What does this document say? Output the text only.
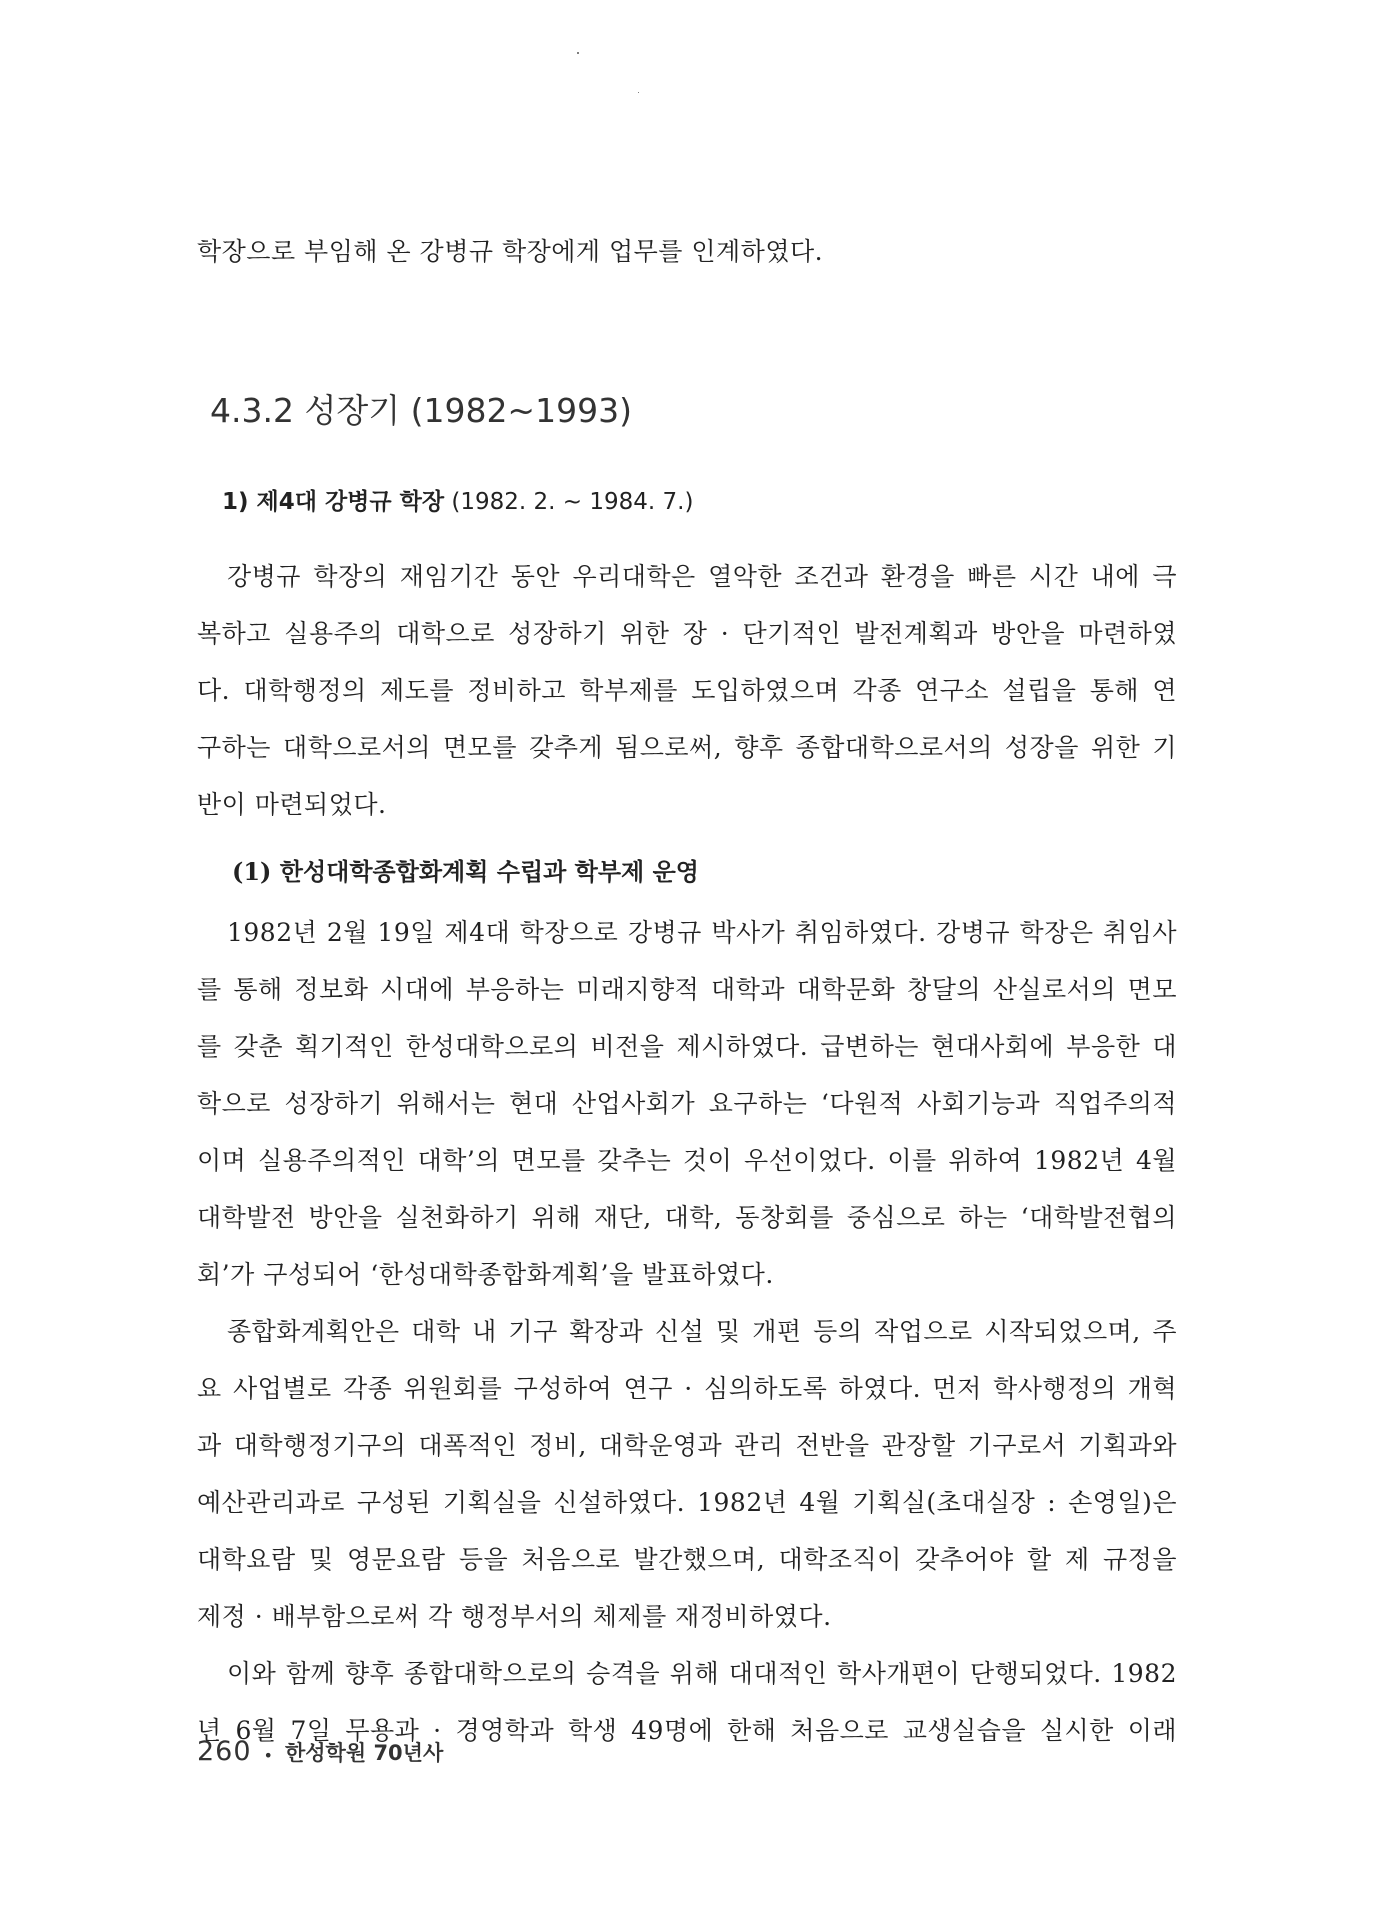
학장으로 부임해 온 강병규 학장에게 업무를 인계하였다.
4.3.2 성장기 (1982~1993)
1) 제4대 강병규 학장 (1982. 2. ~ 1984. 7.)
강병규 학장의 재임기간 동안 우리대학은 열악한 조건과 환경을 빠른 시간 내에 극
복하고 실용주의 대학으로 성장하기 위한 장 · 단기적인 발전계획과 방안을 마련하였
다. 대학행정의 제도를 정비하고 학부제를 도입하였으며 각종 연구소 설립을 통해 연
구하는 대학으로서의 면모를 갖추게 됨으로써, 향후 종합대학으로서의 성장을 위한 기
반이 마련되었다.
(1) 한성대학종합화계획 수립과 학부제 운영
1982년 2월 19일 제4대 학장으로 강병규 박사가 취임하였다. 강병규 학장은 취임사
를 통해 정보화 시대에 부응하는 미래지향적 대학과 대학문화 창달의 산실로서의 면모
를 갖춘 획기적인 한성대학으로의 비전을 제시하였다. 급변하는 현대사회에 부응한 대
학으로 성장하기 위해서는 현대 산업사회가 요구하는 ‘다원적 사회기능과 직업주의적
이며 실용주의적인 대학’의 면모를 갖추는 것이 우선이었다. 이를 위하여 1982년 4월
대학발전 방안을 실천화하기 위해 재단, 대학, 동창회를 중심으로 하는 ‘대학발전협의
회’가 구성되어 ‘한성대학종합화계획’을 발표하였다.
종합화계획안은 대학 내 기구 확장과 신설 및 개편 등의 작업으로 시작되었으며, 주
요 사업별로 각종 위원회를 구성하여 연구 · 심의하도록 하였다. 먼저 학사행정의 개혁
과 대학행정기구의 대폭적인 정비, 대학운영과 관리 전반을 관장할 기구로서 기획과와
예산관리과로 구성된 기획실을 신설하였다. 1982년 4월 기획실(초대실장 : 손영일)은
대학요람 및 영문요람 등을 처음으로 발간했으며, 대학조직이 갖추어야 할 제 규정을
제정 · 배부함으로써 각 행정부서의 체제를 재정비하였다.
이와 함께 향후 종합대학으로의 승격을 위해 대대적인 학사개편이 단행되었다. 1982
년 6월 7일 무용과 · 경영학과 학생 49명에 한해 처음으로 교생실습을 실시한 이래
260 • 한성학원 70년사
